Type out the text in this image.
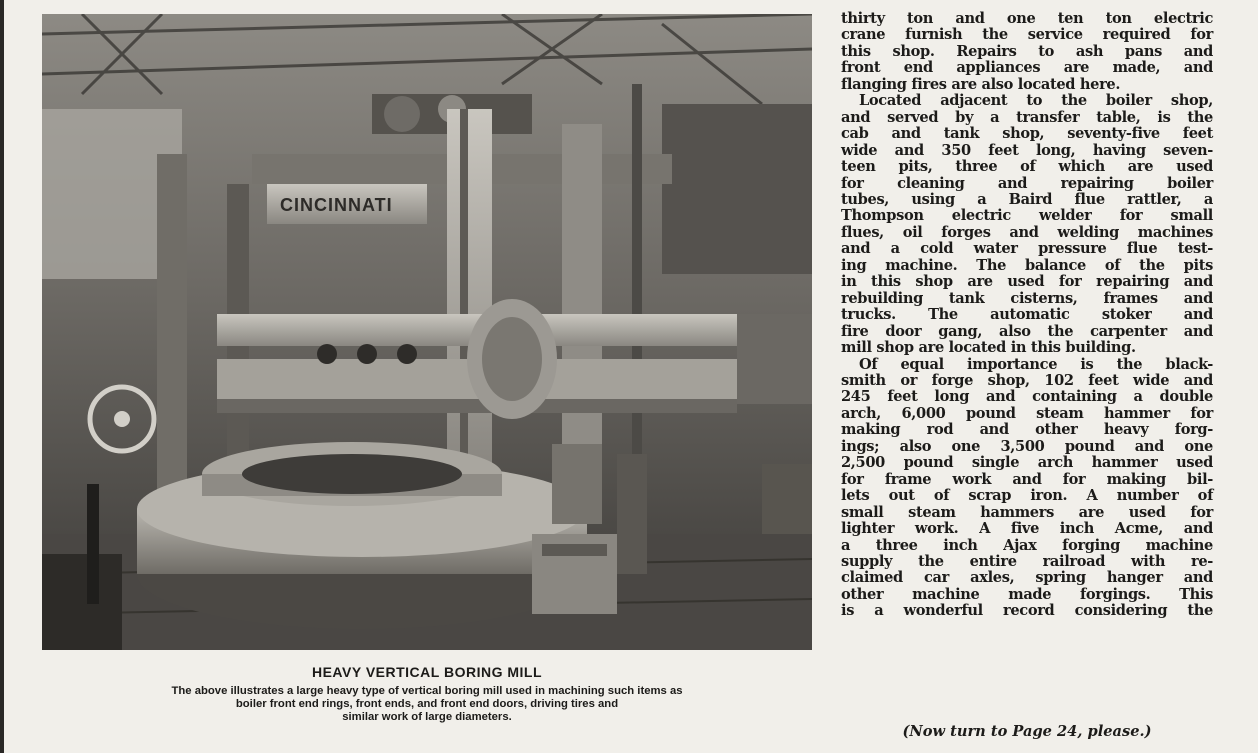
CINCINNATI
HEAVY VERTICAL BORING MILL
The above illustrates a large heavy type of vertical boring mill used in machining such items as
boiler front end rings, front ends, and front end doors, driving tires and
similar work of large diameters.
thirty ton and one ten ton electric
crane furnish the service required for
this shop. Repairs to ash pans and
front end appliances are made, and
flanging fires are also located here.
Located adjacent to the boiler shop,
and served by a transfer table, is the
cab and tank shop, seventy-five feet
wide and 350 feet long, having seven-
teen pits, three of which are used
for cleaning and repairing boiler
tubes, using a Baird flue rattler, a
Thompson electric welder for small
flues, oil forges and welding machines
and a cold water pressure flue test-
ing machine. The balance of the pits
in this shop are used for repairing and
rebuilding tank cisterns, frames and
trucks. The automatic stoker and
fire door gang, also the carpenter and
mill shop are located in this building.
Of equal importance is the black-
smith or forge shop, 102 feet wide and
245 feet long and containing a double
arch, 6,000 pound steam hammer for
making rod and other heavy forg-
ings; also one 3,500 pound and one
2,500 pound single arch hammer used
for frame work and for making bil-
lets out of scrap iron. A number of
small steam hammers are used for
lighter work. A five inch Acme, and
a three inch Ajax forging machine
supply the entire railroad with re-
claimed car axles, spring hanger and
other machine made forgings. This
is a wonderful record considering the
(Now turn to Page 24, please.)
